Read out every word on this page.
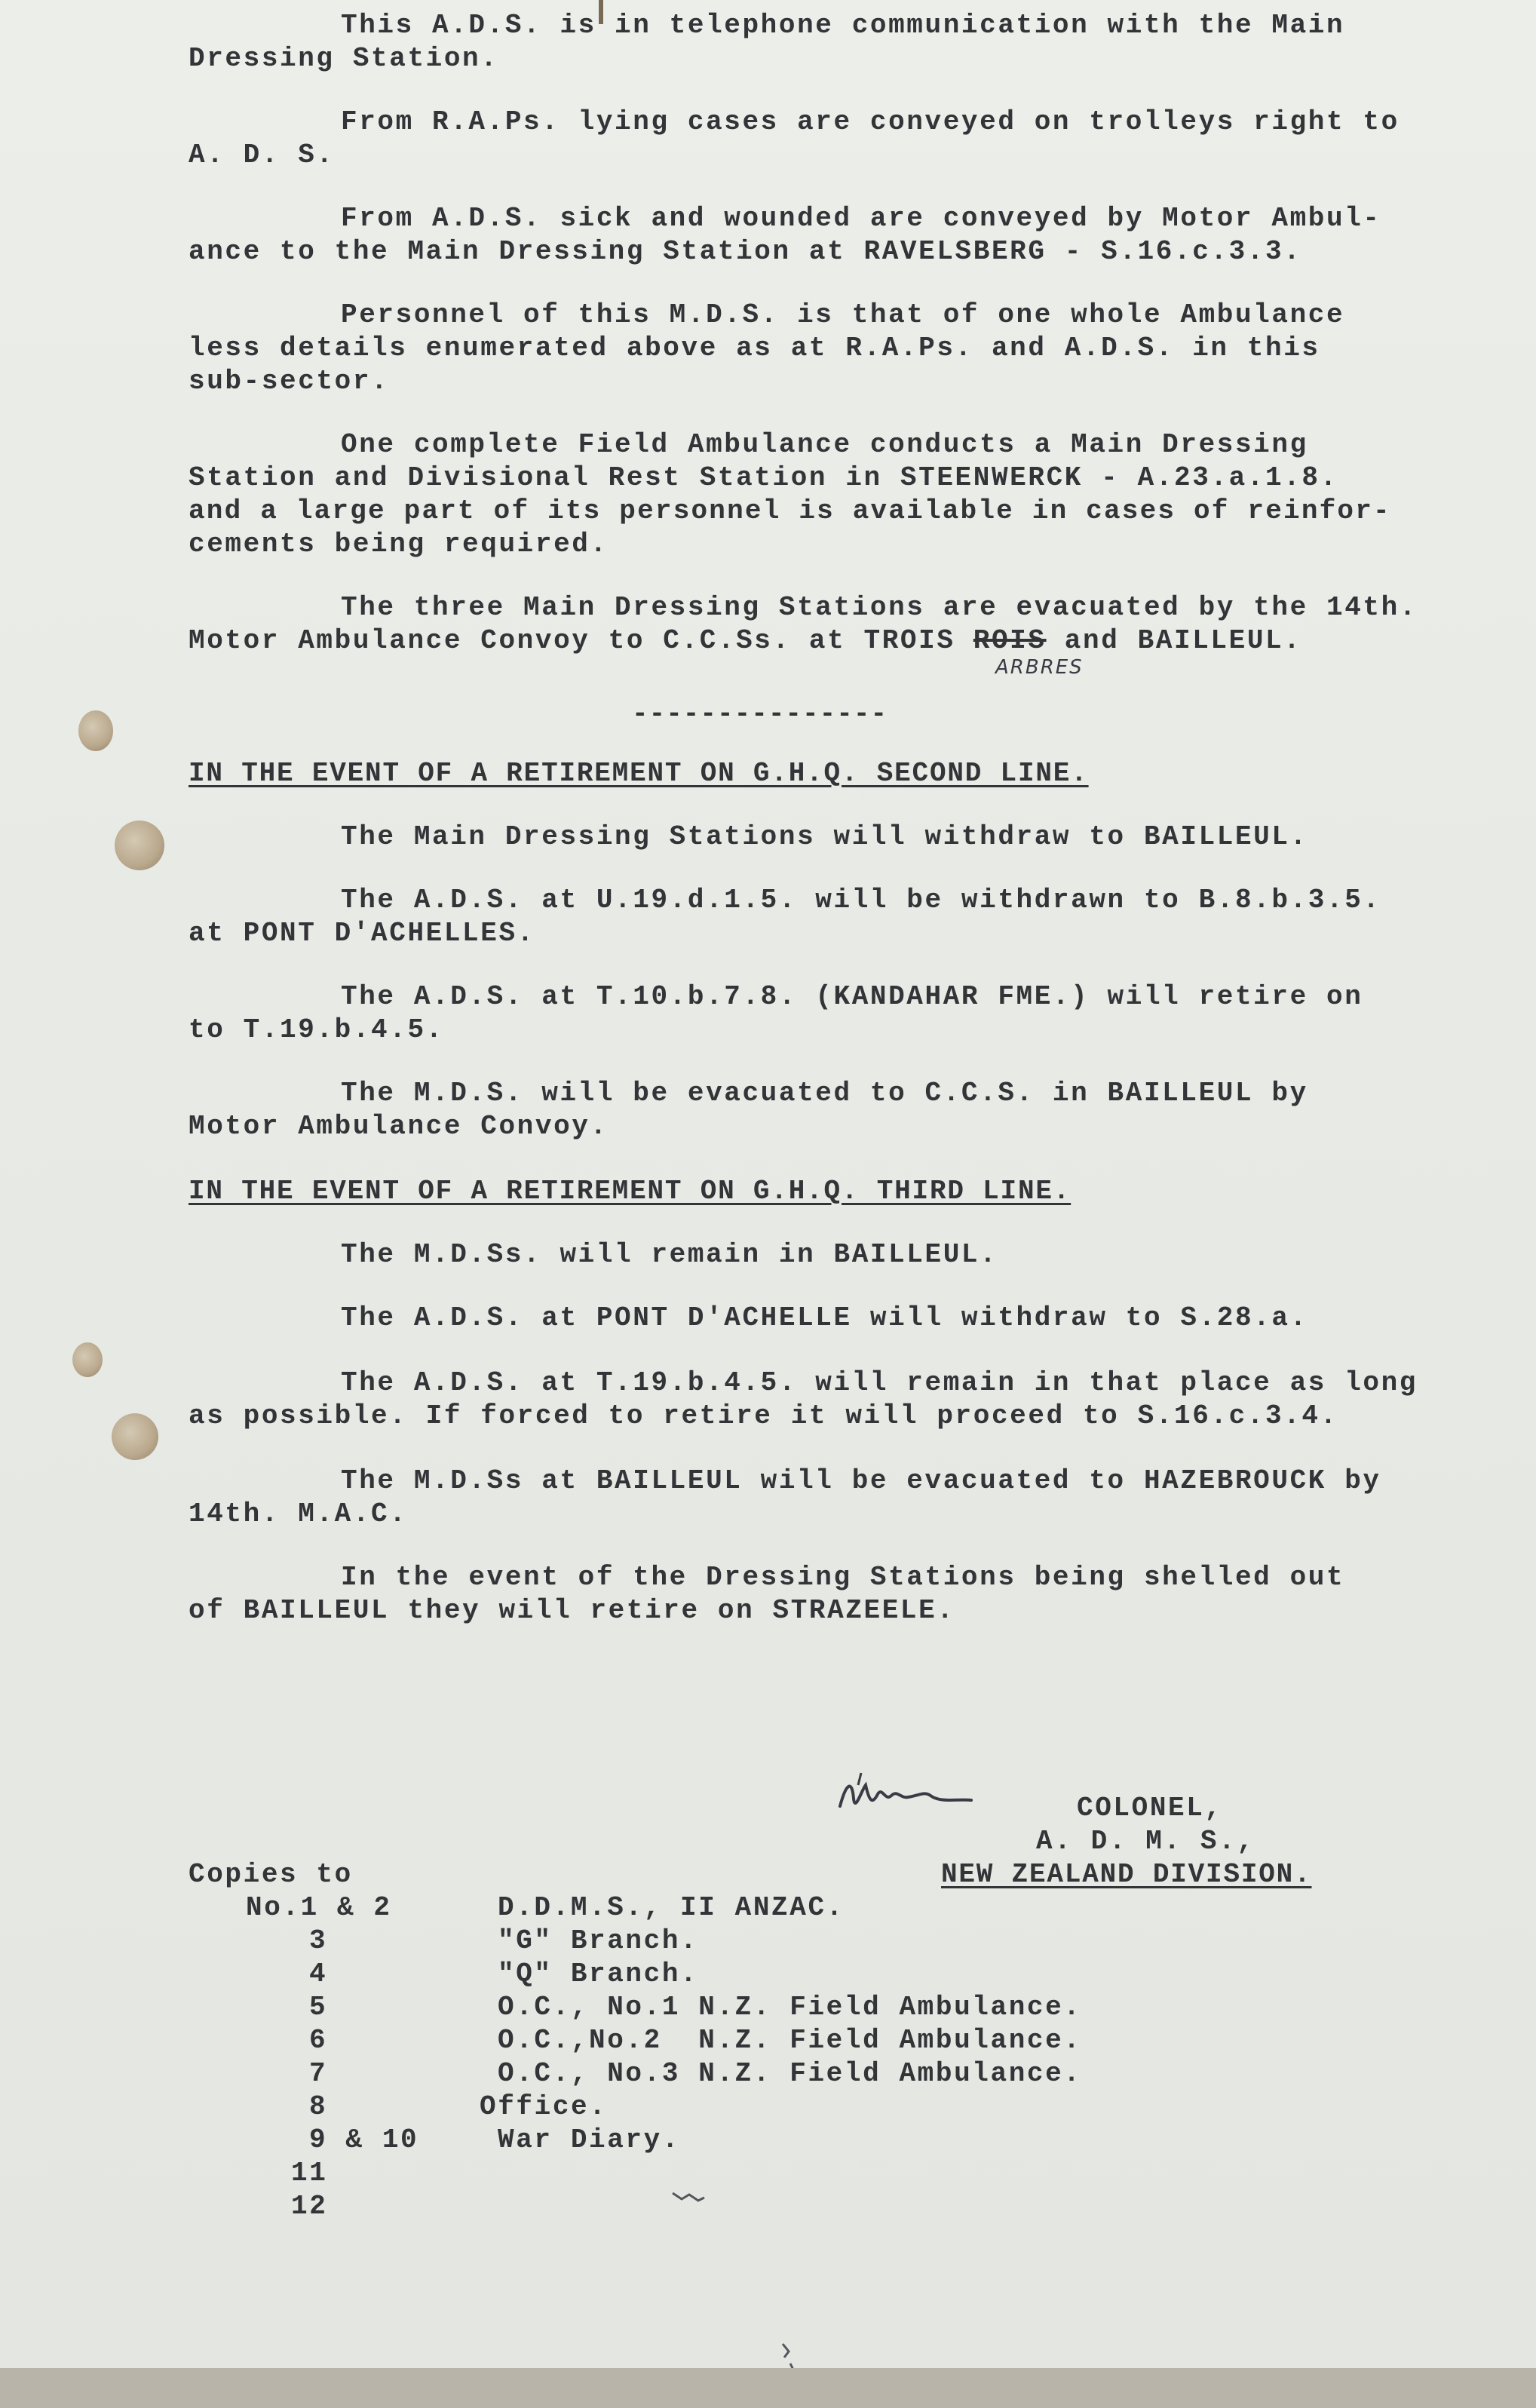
This A.D.S. is in telephone communication with the Main
Dressing Station.
From R.A.Ps. lying cases are conveyed on trolleys right to
A. D. S.
From A.D.S. sick and wounded are conveyed by Motor Ambul-
ance to the Main Dressing Station at RAVELSBERG - S.16.c.3.3.
Personnel of this M.D.S. is that of one whole Ambulance
less details enumerated above as at R.A.Ps. and A.D.S. in this
sub-sector.
One complete Field Ambulance conducts a Main Dressing
Station and Divisional Rest Station in STEENWERCK - A.23.a.1.8.
and a large part of its personnel is available in cases of reinfor-
cements being required.
The three Main Dressing Stations are evacuated by the 14th.
Motor Ambulance Convoy to C.C.Ss. at TROIS ROIS and BAILLEUL.
ARBRES
---------------
IN THE EVENT OF A RETIREMENT ON G.H.Q. SECOND LINE.
The Main Dressing Stations will withdraw to BAILLEUL.
The A.D.S. at U.19.d.1.5. will be withdrawn to B.8.b.3.5.
at PONT D'ACHELLES.
The A.D.S. at T.10.b.7.8. (KANDAHAR FME.) will retire on
to T.19.b.4.5.
The M.D.S. will be evacuated to C.C.S. in BAILLEUL by
Motor Ambulance Convoy.
IN THE EVENT OF A RETIREMENT ON G.H.Q. THIRD LINE.
The M.D.Ss. will remain in BAILLEUL.
The A.D.S. at PONT D'ACHELLE will withdraw to S.28.a.
The A.D.S. at T.19.b.4.5. will remain in that place as long
as possible. If forced to retire it will proceed to S.16.c.3.4.
The M.D.Ss at BAILLEUL will be evacuated to HAZEBROUCK by
14th. M.A.C.
In the event of the Dressing Stations being shelled out
of BAILLEUL they will retire on STRAZEELE.
COLONEL,
A. D. M. S.,
NEW ZEALAND DIVISION.
Copies to
No.1 & 2	D.D.M.S., II ANZAC.
3	"G" Branch.
4	"Q" Branch.
5	O.C., No.1 N.Z. Field Ambulance.
6	O.C.,No.2  N.Z. Field Ambulance.
7	O.C., No.3 N.Z. Field Ambulance.
8	Office.
9 & 10	War Diary.
11
12
